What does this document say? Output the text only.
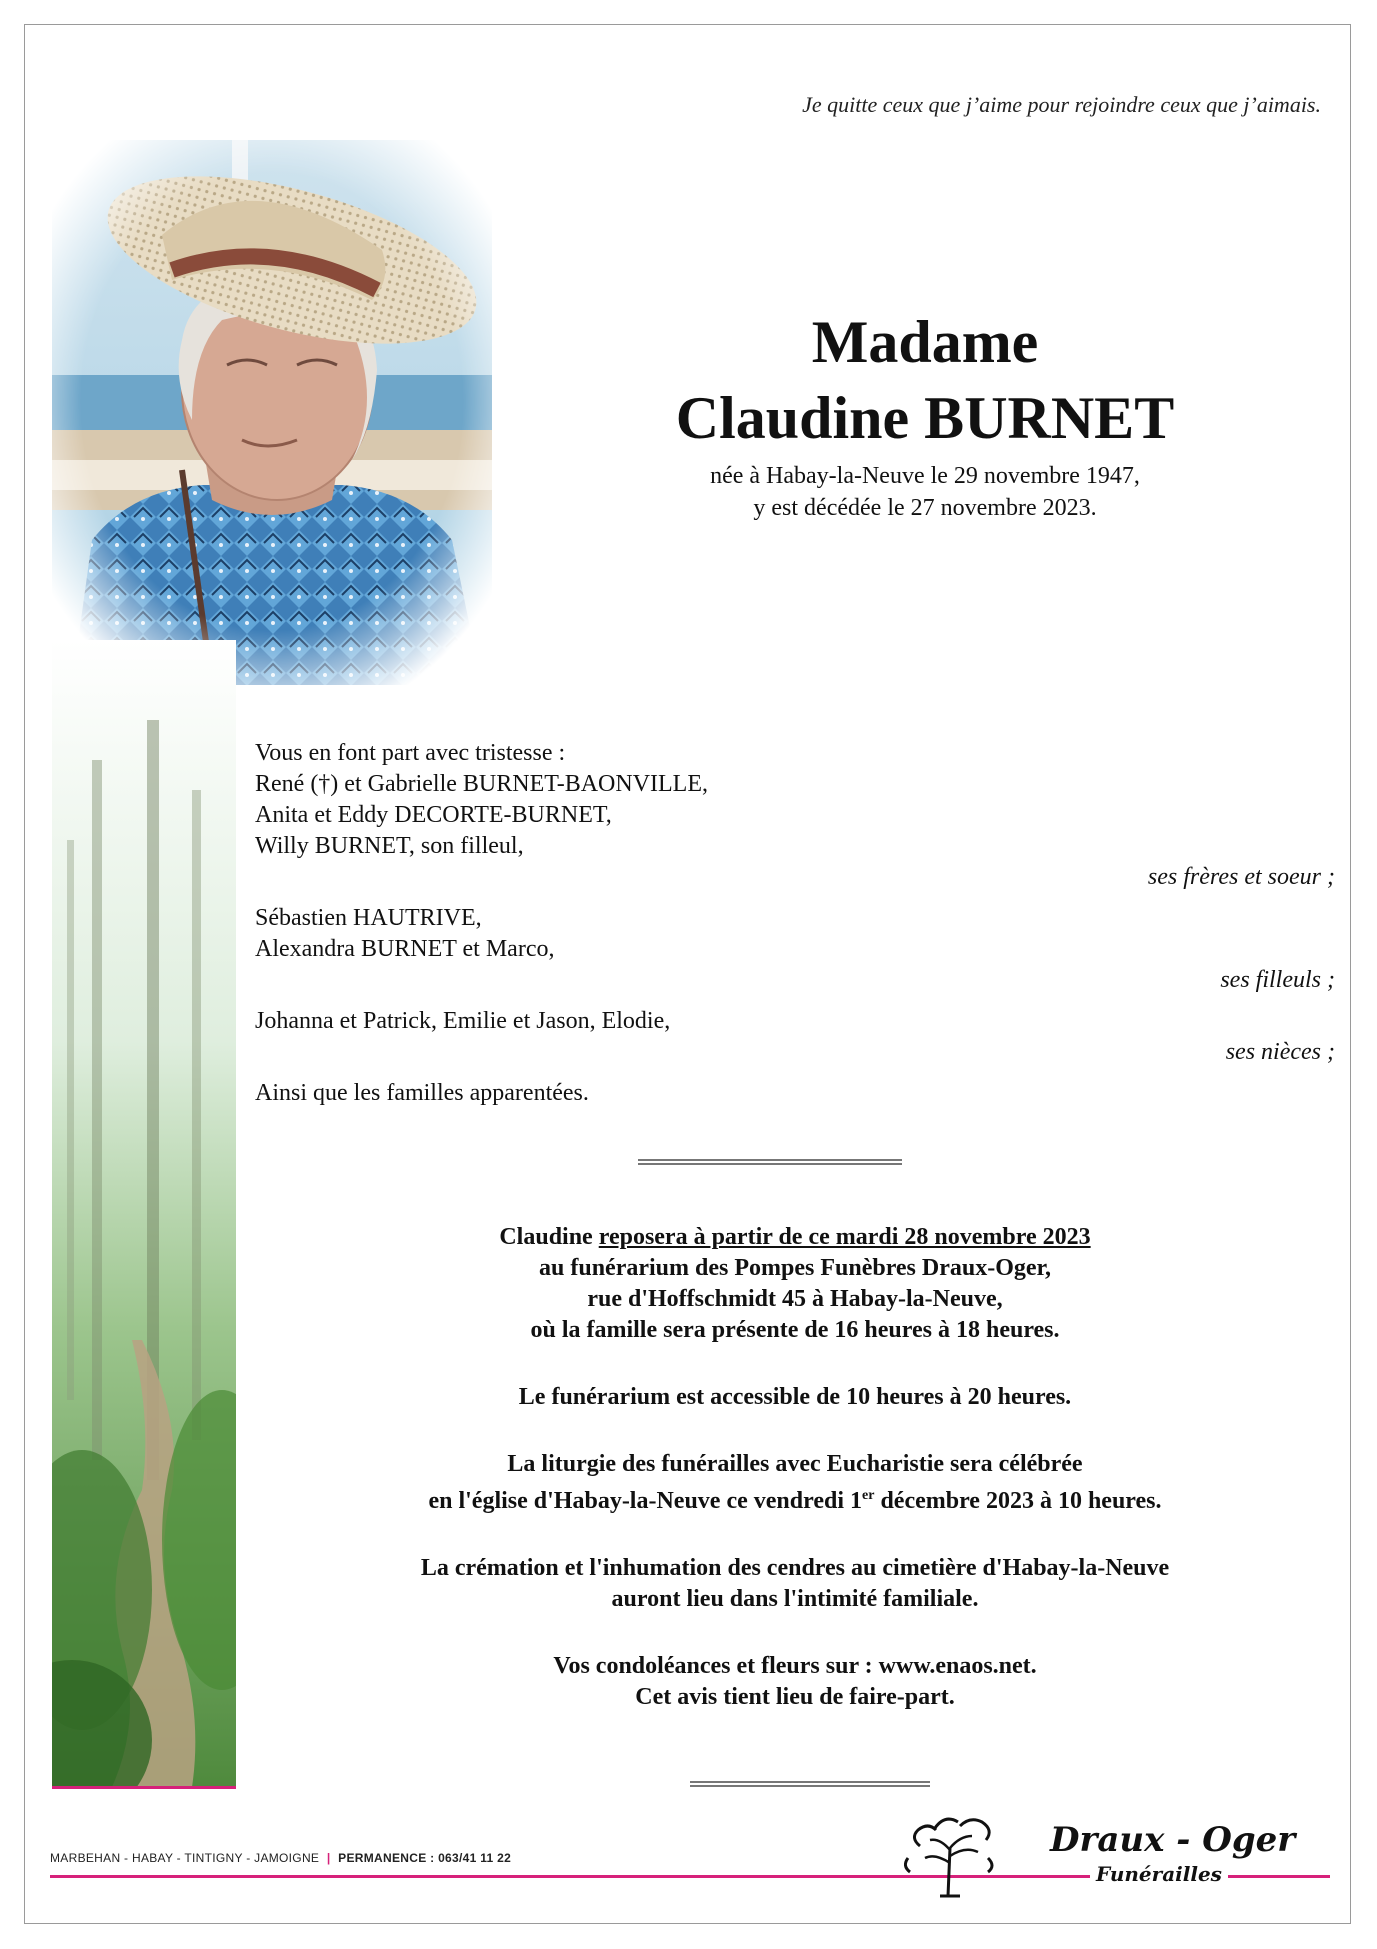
Je quitte ceux que j’aime pour rejoindre ceux que j’aimais.
Madame
Claudine BURNET
née à Habay-la-Neuve le 29 novembre 1947,
y est décédée le 27 novembre 2023.
Vous en font part avec tristesse :
René (†) et Gabrielle BURNET-BAONVILLE,
Anita et Eddy DECORTE-BURNET,
Willy BURNET, son filleul,
ses frères et soeur ;
Sébastien HAUTRIVE,
Alexandra BURNET et Marco,
ses filleuls ;
Johanna et Patrick, Emilie et Jason, Elodie,
ses nièces ;
Ainsi que les familles apparentées.

Claudine reposera à partir de ce mardi 28 novembre 2023
au funérarium des Pompes Funèbres Draux-Oger,
rue d'Hoffschmidt 45 à Habay-la-Neuve,
où la famille sera présente de 16 heures à 18 heures.

Le funérarium est accessible de 10 heures à 20 heures.

La liturgie des funérailles avec Eucharistie sera célébrée
en l'église d'Habay-la-Neuve ce vendredi 1er décembre 2023 à 10 heures.

La crémation et l'inhumation des cendres au cimetière d'Habay-la-Neuve
auront lieu dans l'intimité familiale.

Vos condoléances et fleurs sur : www.enaos.net.
Cet avis tient lieu de faire-part.

MARBEHAN - HABAY - TINTIGNY - JAMOIGNE | PERMANENCE : 063/41 11 22	Draux - Oger
Funérailles
